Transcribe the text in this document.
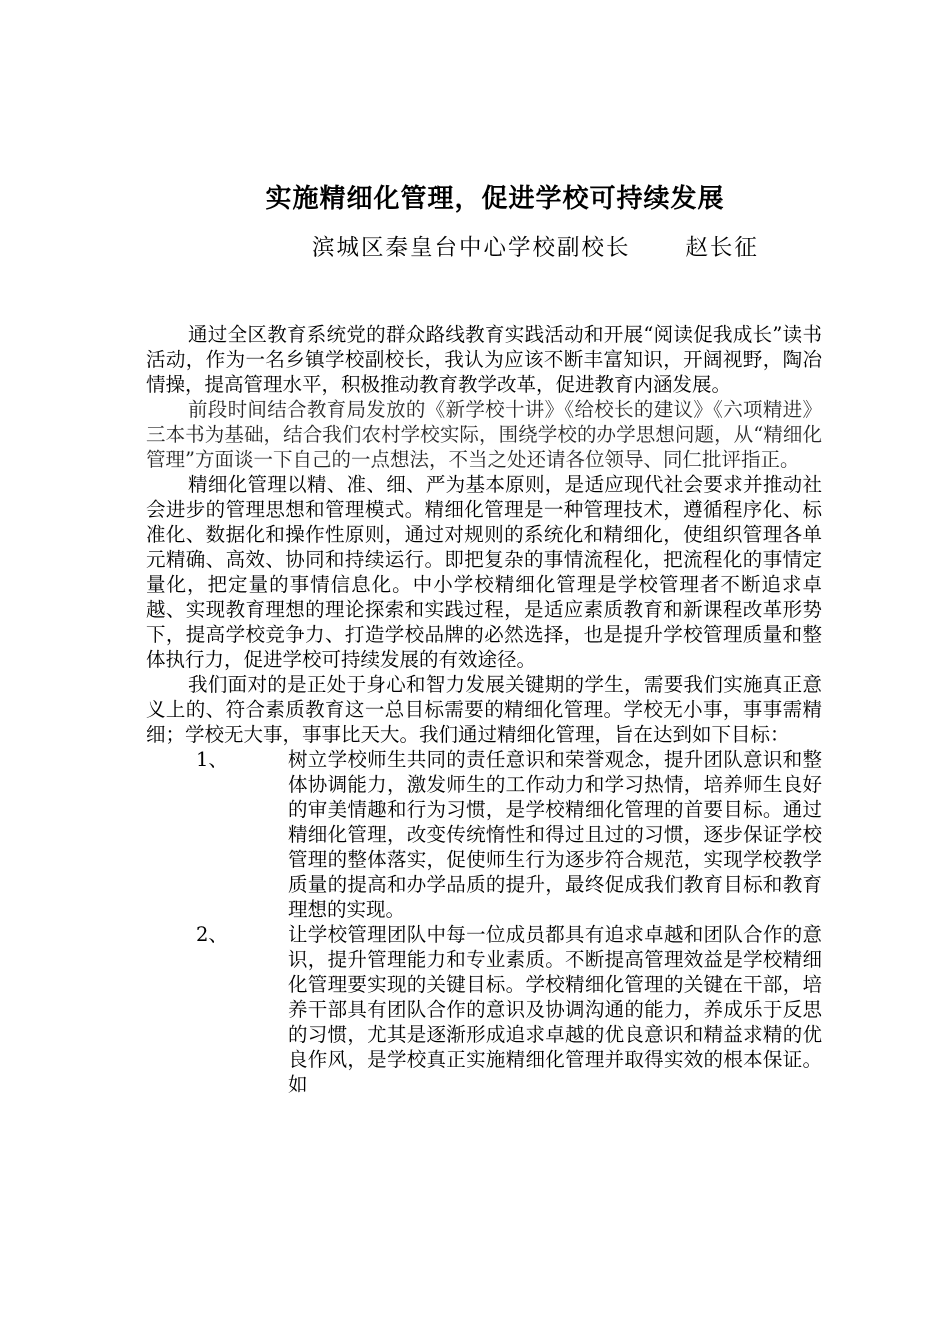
实施精细化管理，促进学校可持续发展
滨城区秦皇台中心学校副校长      赵长征

通过全区教育系统党的群众路线教育实践活动和开展“阅读促我成长”读书活动，作为一名乡镇学校副校长，我认为应该不断丰富知识，开阔视野，陶冶情操，提高管理水平，积极推动教育教学改革，促进教育内涵发展。

前段时间结合教育局发放的《新学校十讲》《给校长的建议》《六项精进》三本书为基础，结合我们农村学校实际，围绕学校的办学思想问题，从“精细化管理”方面谈一下自己的一点想法，不当之处还请各位领导、同仁批评指正。

精细化管理以精、准、细、严为基本原则，是适应现代社会要求并推动社会进步的管理思想和管理模式。精细化管理是一种管理技术，遵循程序化、标准化、数据化和操作性原则，通过对规则的系统化和精细化，使组织管理各单元精确、高效、协同和持续运行。即把复杂的事情流程化，把流程化的事情定量化，把定量的事情信息化。中小学校精细化管理是学校管理者不断追求卓越、实现教育理想的理论探索和实践过程，是适应素质教育和新课程改革形势下，提高学校竞争力、打造学校品牌的必然选择，也是提升学校管理质量和整体执行力，促进学校可持续发展的有效途径。

我们面对的是正处于身心和智力发展关键期的学生，需要我们实施真正意义上的、符合素质教育这一总目标需要的精细化管理。学校无小事，事事需精细；学校无大事，事事比天大。我们通过精细化管理，旨在达到如下目标：

1、	树立学校师生共同的责任意识和荣誉观念，提升团队意识和整体协调能力，激发师生的工作动力和学习热情，培养师生良好的审美情趣和行为习惯，是学校精细化管理的首要目标。通过精细化管理，改变传统惰性和得过且过的习惯，逐步保证学校管理的整体落实，促使师生行为逐步符合规范，实现学校教学质量的提高和办学品质的提升，最终促成我们教育目标和教育理想的实现。
2、	让学校管理团队中每一位成员都具有追求卓越和团队合作的意识，提升管理能力和专业素质。不断提高管理效益是学校精细化管理要实现的关键目标。学校精细化管理的关键在干部，培养干部具有团队合作的意识及协调沟通的能力，养成乐于反思的习惯，尤其是逐渐形成追求卓越的优良意识和精益求精的优良作风，是学校真正实施精细化管理并取得实效的根本保证。如
